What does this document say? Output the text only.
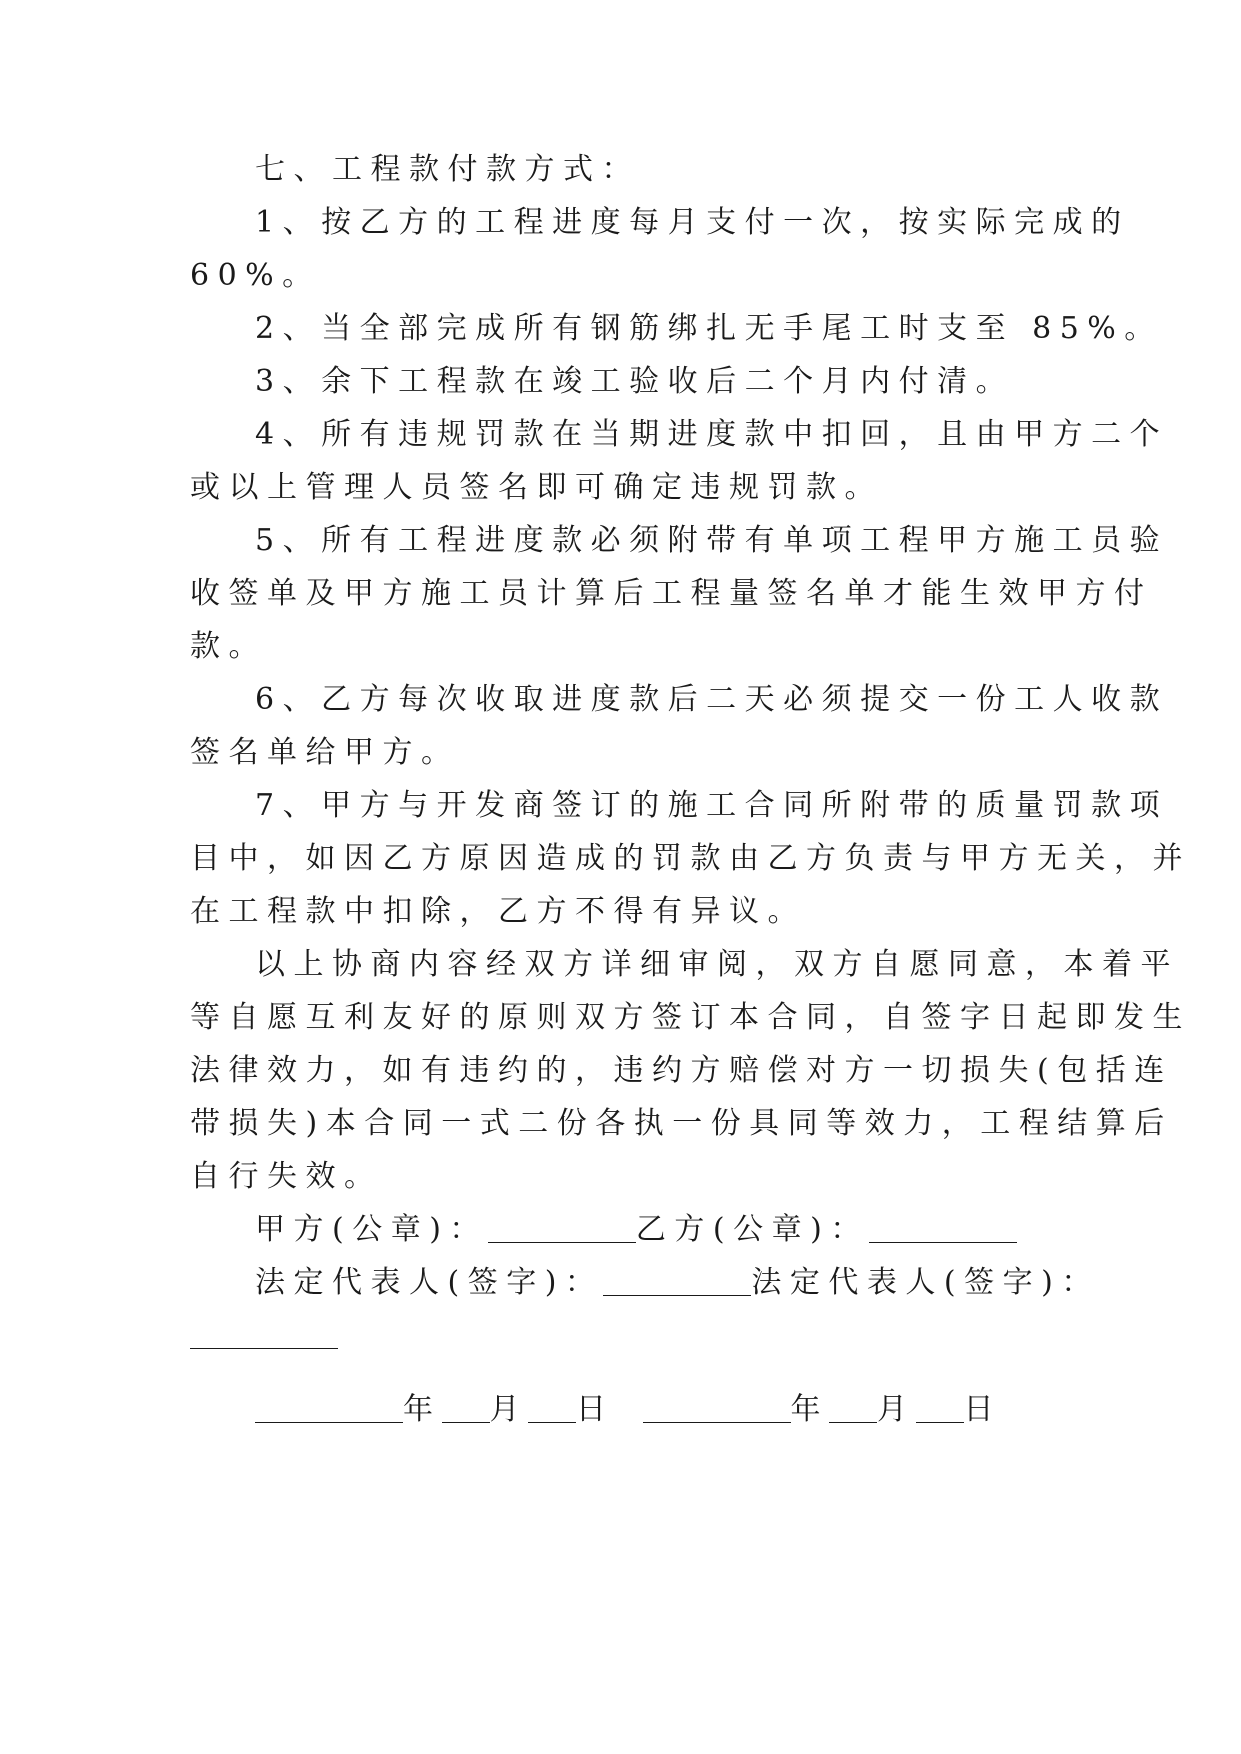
七、工程款付款方式：
1、按乙方的工程进度每月支付一次，按实际完成的
60%。
2、当全部完成所有钢筋绑扎无手尾工时支至 85%。
3、余下工程款在竣工验收后二个月内付清。
4、所有违规罚款在当期进度款中扣回，且由甲方二个
或以上管理人员签名即可确定违规罚款。
5、所有工程进度款必须附带有单项工程甲方施工员验
收签单及甲方施工员计算后工程量签名单才能生效甲方付
款。
6、乙方每次收取进度款后二天必须提交一份工人收款
签名单给甲方。
7、甲方与开发商签订的施工合同所附带的质量罚款项
目中，如因乙方原因造成的罚款由乙方负责与甲方无关，并
在工程款中扣除，乙方不得有异议。
以上协商内容经双方详细审阅，双方自愿同意，本着平
等自愿互利友好的原则双方签订本合同，自签字日起即发生
法律效力，如有违约的，违约方赔偿对方一切损失(包括连
带损失)本合同一式二份各执一份具同等效力，工程结算后
自行失效。
甲方(公章)：	乙方(公章)：
法定代表人(签字)：	法定代表人(签字)：
年 月 日	年 月 日
